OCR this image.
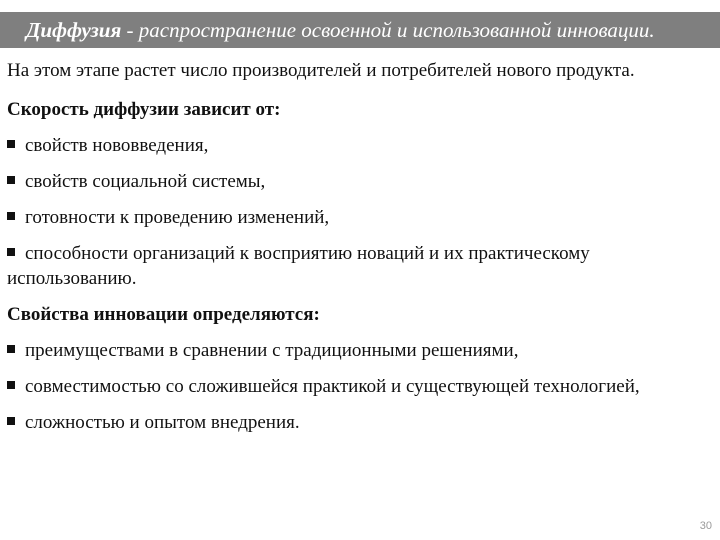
Диффузия - распространение освоенной и использованной инновации.

На этом этапе растет число производителей и потребителей нового продукта.

Скорость диффузии зависит от:

свойств нововведения,

свойств социальной системы,

готовности к проведению изменений,

способности организаций к восприятию новаций и их практическому использованию.

Свойства инновации определяются:

преимуществами в сравнении с традиционными решениями,

совместимостью со сложившейся практикой и существующей технологией,

сложностью и опытом внедрения.

30
